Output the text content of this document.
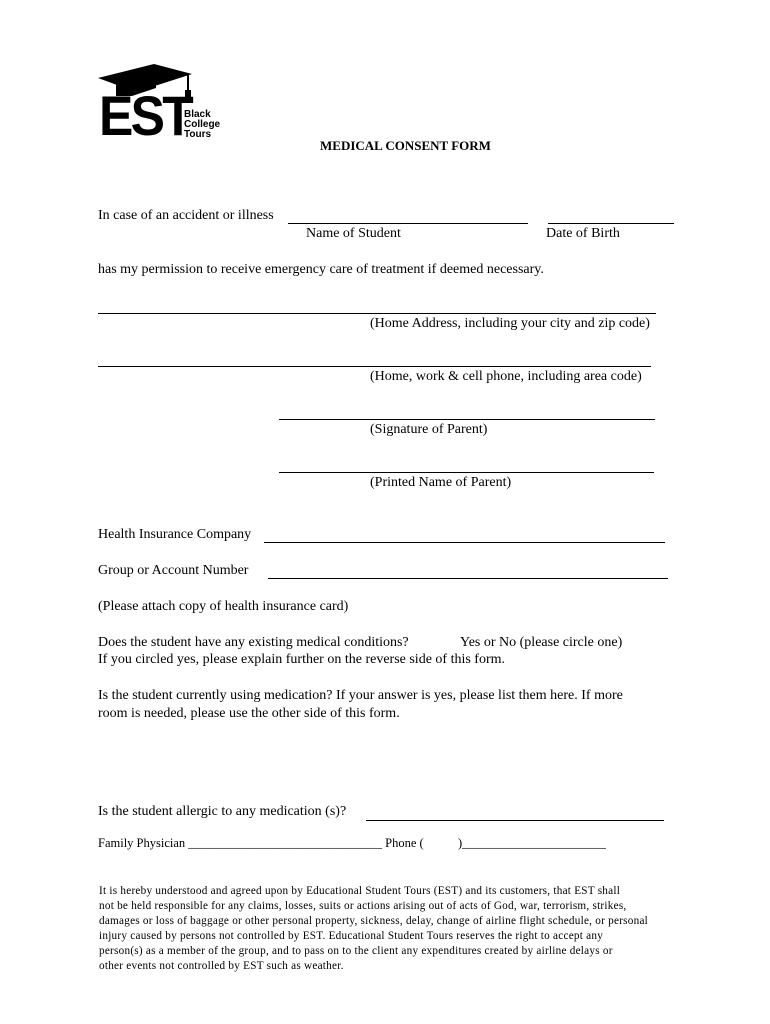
EST
Black
College
Tours
MEDICAL CONSENT FORM
In case of an accident or illness
Name of Student	Date of Birth
has my permission to receive emergency care of treatment if deemed necessary.
(Home Address, including your city and zip code)
(Home, work & cell phone, including area code)
(Signature of Parent)
(Printed Name of Parent)
Health Insurance Company
Group or Account Number
(Please attach copy of health insurance card)
Does the student have any existing medical conditions?	Yes or No (please circle one)
If you circled yes, please explain further on the reverse side of this form.
Is the student currently using medication? If your answer is yes, please list them here. If more
room is needed, please use the other side of this form.
Is the student allergic to any medication (s)?
Family Physician _______________________________ Phone (	)_______________________
It is hereby understood and agreed upon by Educational Student Tours (EST) and its customers, that EST shall
not be held responsible for any claims, losses, suits or actions arising out of acts of God, war, terrorism, strikes,
damages or loss of baggage or other personal property, sickness, delay, change of airline flight schedule, or personal
injury caused by persons not controlled by EST. Educational Student Tours reserves the right to accept any
person(s) as a member of the group, and to pass on to the client any expenditures created by airline delays or
other events not controlled by EST such as weather.
